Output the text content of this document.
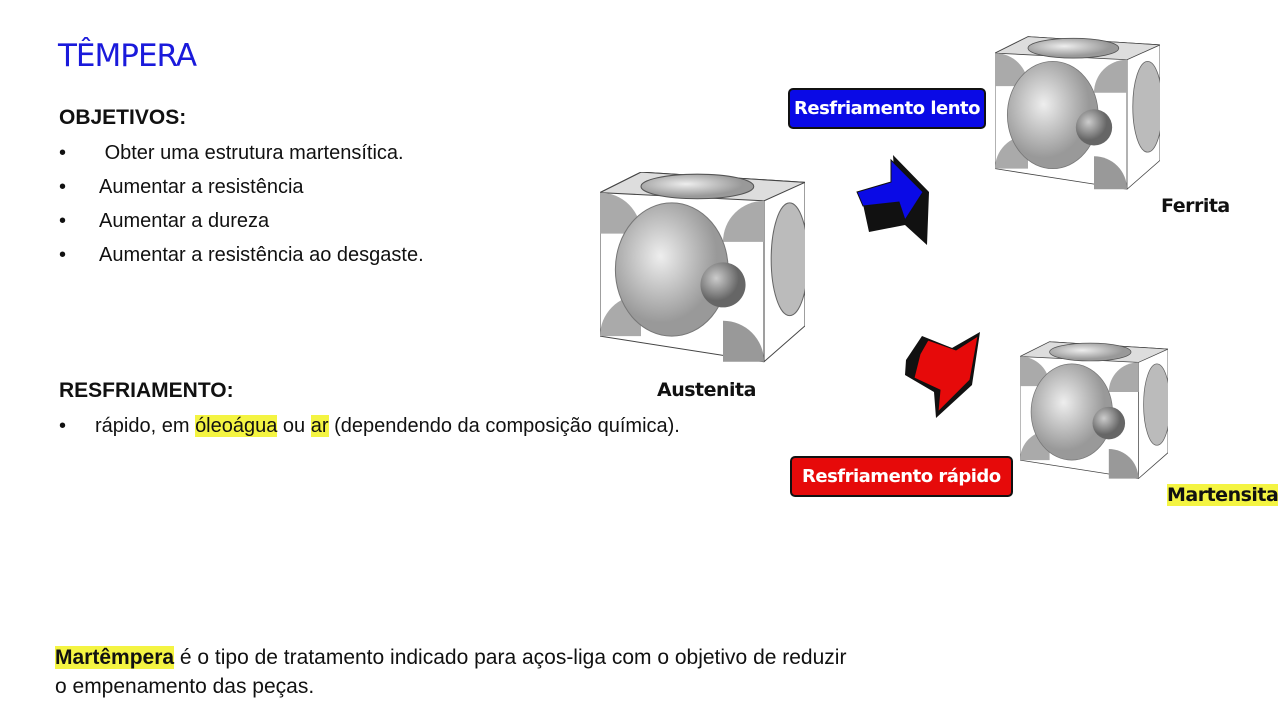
TÊMPERA
OBJETIVOS:
• Obter uma estrutura martensítica.
• Aumentar a resistência
• Aumentar a dureza
• Aumentar a resistência ao desgaste.
RESFRIAMENTO:
• rápido, em óleoágua ou ar (dependendo da composição química).
Austenita
Ferrita
Martensita
Resfriamento lento
Resfriamento rápido
Martêmpera é o tipo de tratamento indicado para aços-liga com o objetivo de reduzir
o empenamento das peças.
